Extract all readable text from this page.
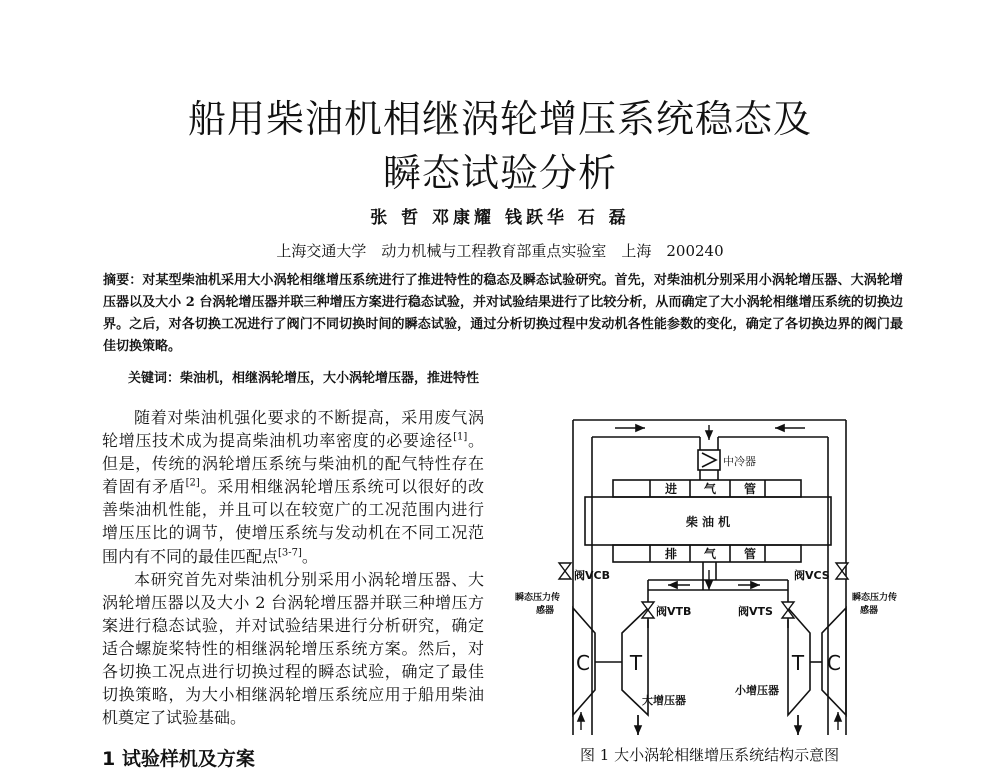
船用柴油机相继涡轮增压系统稳态及
瞬态试验分析
张 哲 邓康耀 钱跃华 石 磊
上海交通大学　动力机械与工程教育部重点实验室　上海　200240
摘要：对某型柴油机采用大小涡轮相继增压系统进行了推进特性的稳态及瞬态试验研究。首先，对柴油机分别采用小涡轮增压器、大涡轮增压器以及大小 2 台涡轮增压器并联三种增压方案进行稳态试验，并对试验结果进行了比较分析，从而确定了大小涡轮相继增压系统的切换边界。之后，对各切换工况进行了阀门不同切换时间的瞬态试验，通过分析切换过程中发动机各性能参数的变化，确定了各切换边界的阀门最佳切换策略。
关键词：柴油机，相继涡轮增压，大小涡轮增压器，推进特性

随着对柴油机强化要求的不断提高，采用废气涡轮增压技术成为提高柴油机功率密度的必要途径[1]。但是，传统的涡轮增压系统与柴油机的配气特性存在着固有矛盾[2]。采用相继涡轮增压系统可以很好的改善柴油机性能，并且可以在较宽广的工况范围内进行增压压比的调节，使增压系统与发动机在不同工况范围内有不同的最佳匹配点[3-7]。

本研究首先对柴油机分别采用小涡轮增压器、大涡轮增压器以及大小 2 台涡轮增压器并联三种增压方案进行稳态试验，并对试验结果进行分析研究，确定适合螺旋桨特性的相继涡轮增压系统方案。然后，对各切换工况点进行切换过程的瞬态试验，确定了最佳切换策略，为大小相继涡轮增压系统应用于船用柴油机奠定了试验基础。

1 试验样机及方案
中冷器
进 气 管
柴 油 机
排 气 管
阀VCB	阀VCS
阀VTB	阀VTS
瞬态压力传
感器
瞬态压力传
感器
C T	T C
大增压器
小增压器
图 1 大小涡轮相继增压系统结构示意图
